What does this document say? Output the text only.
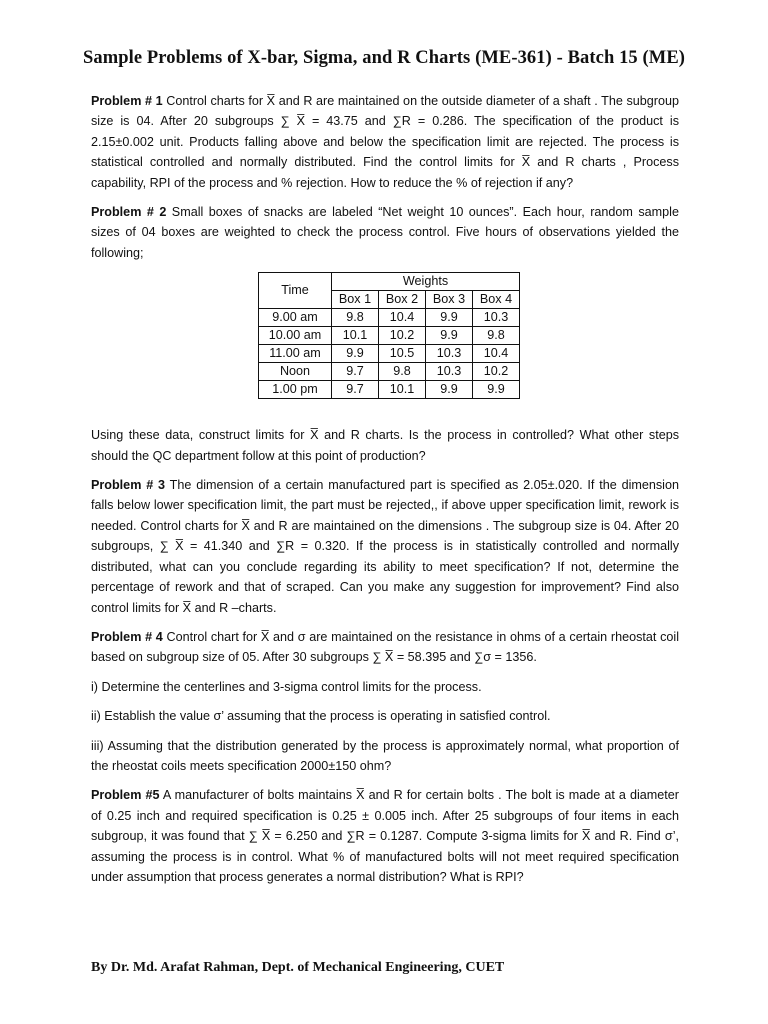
Sample Problems of X-bar, Sigma, and R Charts (ME-361) - Batch 15 (ME)

Problem # 1 Control charts for X̅ and R are maintained on the outside diameter of a shaft . The subgroup size is 04. After 20 subgroups ∑ X̅ = 43.75 and ∑R = 0.286. The specification of the product is 2.15±0.002 unit. Products falling above and below the specification limit are rejected. The process is statistical controlled and normally distributed. Find the control limits for X̅ and R charts , Process capability, RPI of the process and % rejection. How to reduce the % of rejection if any?

Problem # 2 Small boxes of snacks are labeled “Net weight 10 ounces”. Each hour, random sample sizes of 04 boxes are weighted to check the process control. Five hours of observations yielded the following;

Time	Weights			
	Box 1	Box 2	Box 3	Box 4
9.00 am	9.8	10.4	9.9	10.3
10.00 am	10.1	10.2	9.9	9.8
11.00 am	9.9	10.5	10.3	10.4
Noon	9.7	9.8	10.3	10.2
1.00 pm	9.7	10.1	9.9	9.9

Using these data, construct limits for X̅ and R charts. Is the process in controlled? What other steps should the QC department follow at this point of production?

Problem # 3 The dimension of a certain manufactured part is specified as 2.05±.020. If the dimension falls below lower specification limit, the part must be rejected,, if above upper specification limit, rework is needed. Control charts for X̅ and R are maintained on the dimensions . The subgroup size is 04. After 20 subgroups, ∑ X̅ = 41.340 and ∑R = 0.320. If the process is in statistically controlled and normally distributed, what can you conclude regarding its ability to meet specification? If not, determine the percentage of rework and that of scraped. Can you make any suggestion for improvement? Find also control limits for X̅ and R –charts.

Problem # 4 Control chart for X̅ and σ are maintained on the resistance in ohms of a certain rheostat coil based on subgroup size of 05. After 30 subgroups ∑ X̅ = 58.395 and ∑σ = 1356.

i) Determine the centerlines and 3-sigma control limits for the process.

ii) Establish the value σ’ assuming that the process is operating in satisfied control.

iii) Assuming that the distribution generated by the process is approximately normal, what proportion of the rheostat coils meets specification 2000±150 ohm?

Problem #5 A manufacturer of bolts maintains X̅ and R for certain bolts . The bolt is made at a diameter of 0.25 inch and required specification is 0.25 ± 0.005 inch. After 25 subgroups of four items in each subgroup, it was found that ∑ X̅ = 6.250 and ∑R = 0.1287. Compute 3-sigma limits for X̅ and R. Find σ’, assuming the process is in control. What % of manufactured bolts will not meet required specification under assumption that process generates a normal distribution? What is RPI?

By Dr. Md. Arafat Rahman, Dept. of Mechanical Engineering, CUET
